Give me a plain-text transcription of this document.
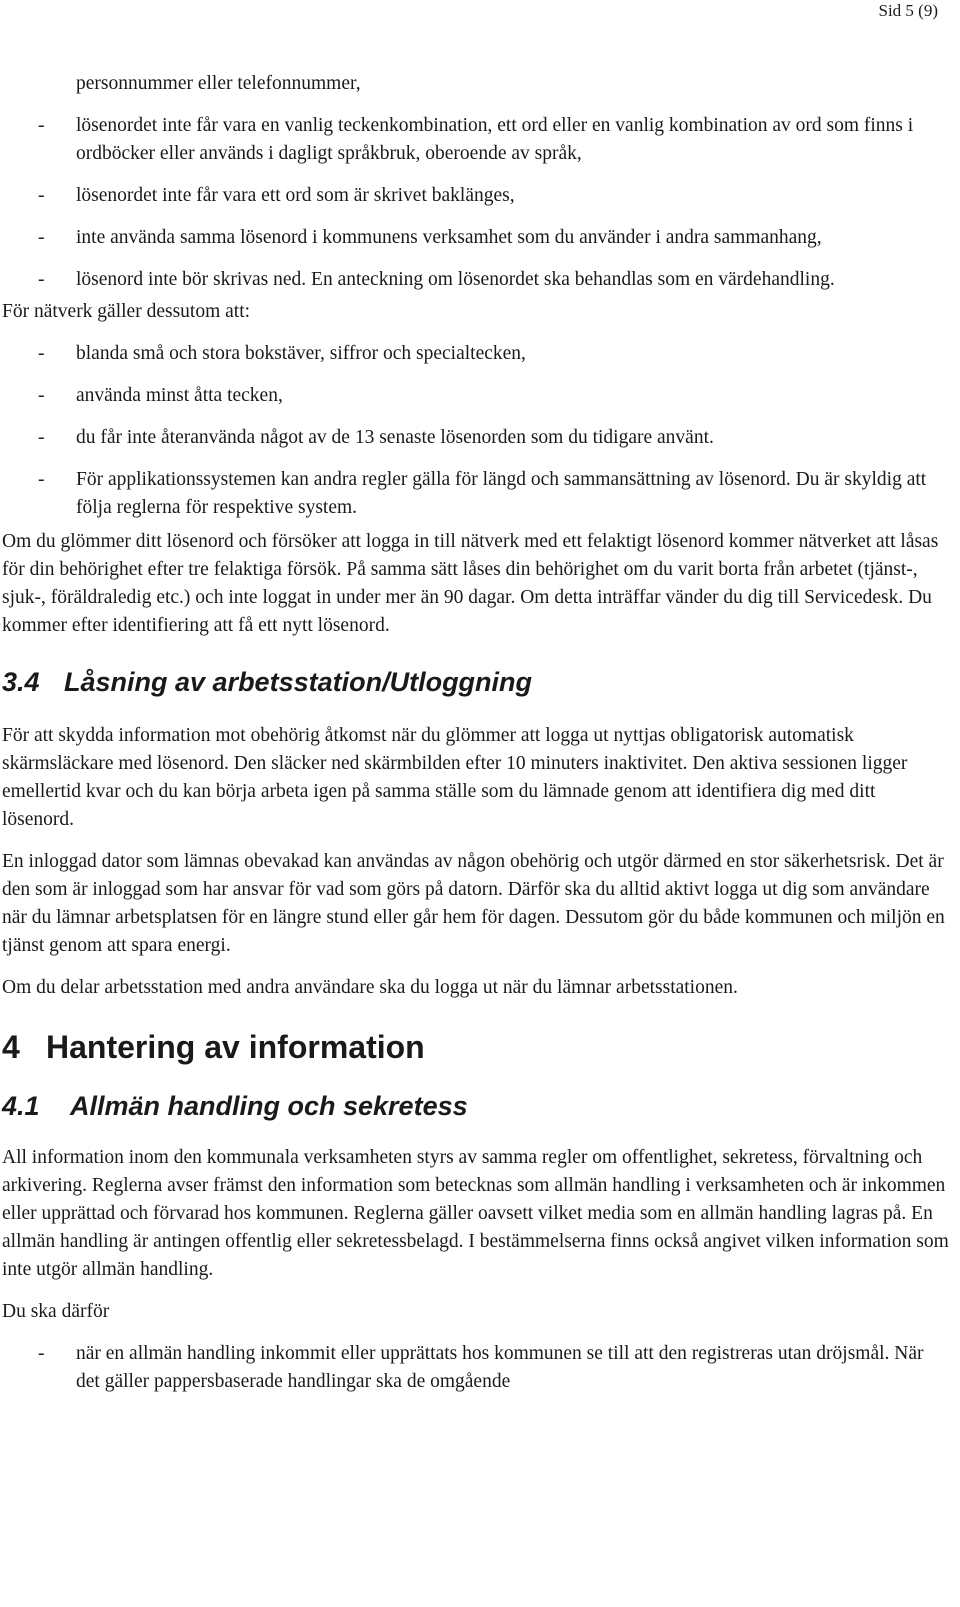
Sid 5 (9)

personnummer eller telefonnummer,

-	lösenordet inte får vara en vanlig teckenkombination, ett ord eller en vanlig kombination av ord som finns i ordböcker eller används i dagligt språkbruk, oberoende av språk,
-	lösenordet inte får vara ett ord som är skrivet baklänges,
-	inte använda samma lösenord i kommunens verksamhet som du använder i andra sammanhang,
-	lösenord inte bör skrivas ned. En anteckning om lösenordet ska behandlas som en värdehandling.

För nätverk gäller dessutom att:

-	blanda små och stora bokstäver, siffror och specialtecken,
-	använda minst åtta tecken,
-	du får inte återanvända något av de 13 senaste lösenorden som du tidigare använt.
-	För applikationssystemen kan andra regler gälla för längd och sammansättning av lösenord. Du är skyldig att följa reglerna för respektive system.

Om du glömmer ditt lösenord och försöker att logga in till nätverk med ett felaktigt lösenord kommer nätverket att låsas för din behörighet efter tre felaktiga försök. På samma sätt låses din behörighet om du varit borta från arbetet (tjänst-, sjuk-, föräldraledig etc.) och inte loggat in under mer än 90 dagar. Om detta inträffar vänder du dig till Servicedesk. Du kommer efter identifiering att få ett nytt lösenord.

3.4 Låsning av arbetsstation/Utloggning

För att skydda information mot obehörig åtkomst när du glömmer att logga ut nyttjas obligatorisk automatisk skärmsläckare med lösenord. Den släcker ned skärmbilden efter 10 minuters inaktivitet. Den aktiva sessionen ligger emellertid kvar och du kan börja arbeta igen på samma ställe som du lämnade genom att identifiera dig med ditt lösenord.

En inloggad dator som lämnas obevakad kan användas av någon obehörig och utgör därmed en stor säkerhetsrisk. Det är den som är inloggad som har ansvar för vad som görs på datorn. Därför ska du alltid aktivt logga ut dig som användare när du lämnar arbetsplatsen för en längre stund eller går hem för dagen. Dessutom gör du både kommunen och miljön en tjänst genom att spara energi.

Om du delar arbetsstation med andra användare ska du logga ut när du lämnar arbetsstationen.

4 Hantering av information
4.1	Allmän handling och sekretess

All information inom den kommunala verksamheten styrs av samma regler om offentlighet, sekretess, förvaltning och arkivering. Reglerna avser främst den information som betecknas som allmän handling i verksamheten och är inkommen eller upprättad och förvarad hos kommunen. Reglerna gäller oavsett vilket media som en allmän handling lagras på. En allmän handling är antingen offentlig eller sekretessbelagd. I bestämmelserna finns också angivet vilken information som inte utgör allmän handling.

Du ska därför

-	när en allmän handling inkommit eller upprättats hos kommunen se till att den registreras utan dröjsmål. När det gäller pappersbaserade handlingar ska de omgående
